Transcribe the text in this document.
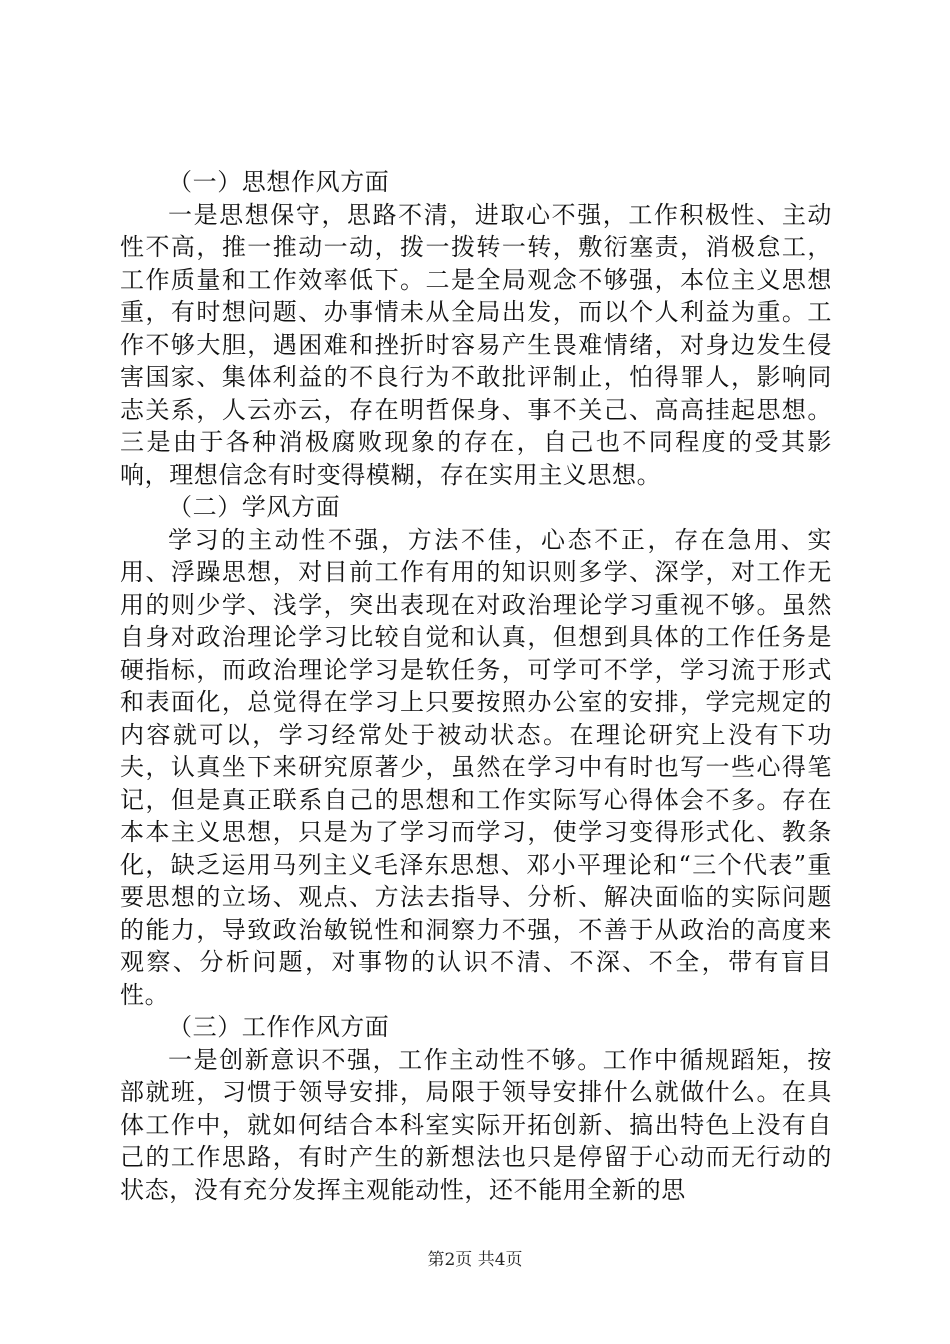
（一）思想作风方面

一是思想保守，思路不清，进取心不强，工作积极性、主动性不高，推一推动一动，拨一拨转一转，敷衍塞责，消极怠工，工作质量和工作效率低下。二是全局观念不够强，本位主义思想重，有时想问题、办事情未从全局出发，而以个人利益为重。工作不够大胆，遇困难和挫折时容易产生畏难情绪，对身边发生侵害国家、集体利益的不良行为不敢批评制止，怕得罪人，影响同志关系，人云亦云，存在明哲保身、事不关己、高高挂起思想。三是由于各种消极腐败现象的存在，自己也不同程度的受其影响，理想信念有时变得模糊，存在实用主义思想。

（二）学风方面

学习的主动性不强，方法不佳，心态不正，存在急用、实用、浮躁思想，对目前工作有用的知识则多学、深学，对工作无用的则少学、浅学，突出表现在对政治理论学习重视不够。虽然自身对政治理论学习比较自觉和认真，但想到具体的工作任务是硬指标，而政治理论学习是软任务，可学可不学，学习流于形式和表面化，总觉得在学习上只要按照办公室的安排，学完规定的内容就可以，学习经常处于被动状态。在理论研究上没有下功夫，认真坐下来研究原著少，虽然在学习中有时也写一些心得笔记，但是真正联系自己的思想和工作实际写心得体会不多。存在本本主义思想，只是为了学习而学习，使学习变得形式化、教条化，缺乏运用马列主义毛泽东思想、邓小平理论和“三个代表”重要思想的立场、观点、方法去指导、分析、解决面临的实际问题的能力，导致政治敏锐性和洞察力不强，不善于从政治的高度来观察、分析问题，对事物的认识不清、不深、不全，带有盲目性。

（三）工作作风方面

一是创新意识不强，工作主动性不够。工作中循规蹈矩，按部就班，习惯于领导安排，局限于领导安排什么就做什么。在具体工作中，就如何结合本科室实际开拓创新、搞出特色上没有自己的工作思路，有时产生的新想法也只是停留于心动而无行动的状态，没有充分发挥主观能动性，还不能用全新的思

第2页 共4页
